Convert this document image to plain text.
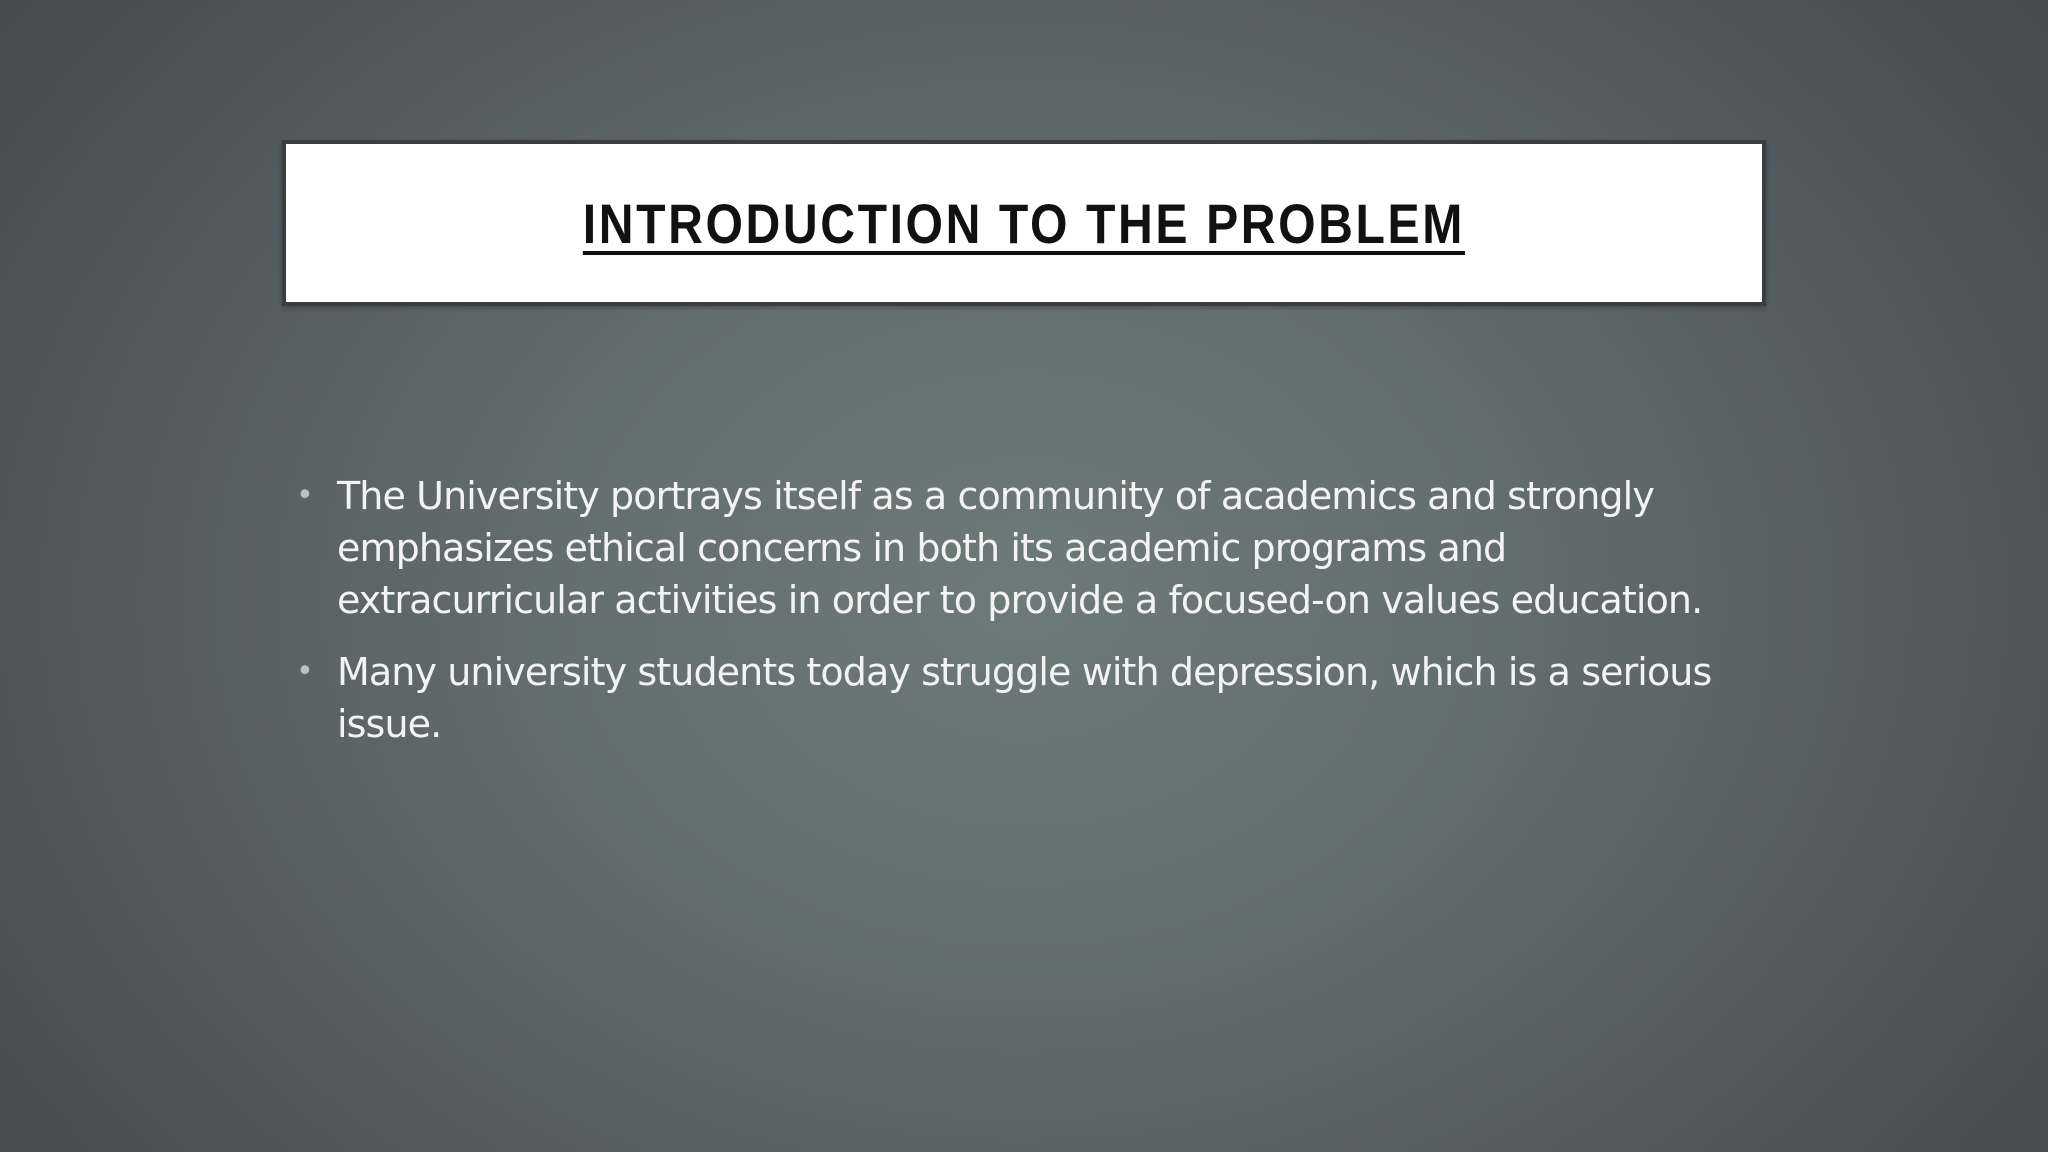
INTRODUCTION TO THE PROBLEM
• The University portrays itself as a community of academics and strongly emphasizes ethical concerns in both its academic programs and extracurricular activities in order to provide a focused-on values education.
• Many university students today struggle with depression, which is a serious issue.
